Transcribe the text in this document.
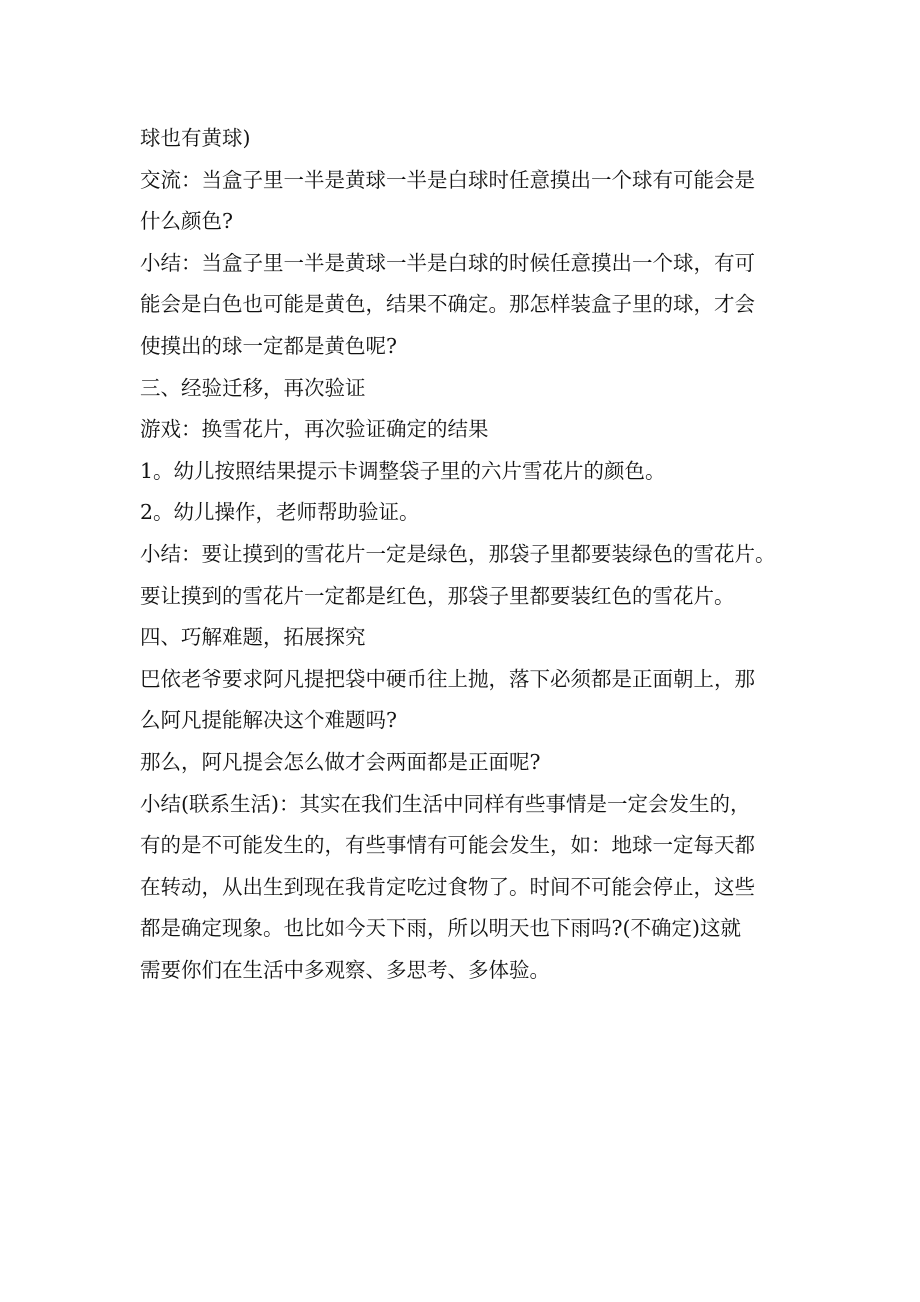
球也有黄球)
交流：当盒子里一半是黄球一半是白球时任意摸出一个球有可能会是
什么颜色?
小结：当盒子里一半是黄球一半是白球的时候任意摸出一个球，有可
能会是白色也可能是黄色，结果不确定。那怎样装盒子里的球，才会
使摸出的球一定都是黄色呢?
三、经验迁移，再次验证
游戏：换雪花片，再次验证确定的结果
1。幼儿按照结果提示卡调整袋子里的六片雪花片的颜色。
2。幼儿操作，老师帮助验证。
小结：要让摸到的雪花片一定是绿色，那袋子里都要装绿色的雪花片。
要让摸到的雪花片一定都是红色，那袋子里都要装红色的雪花片。
四、巧解难题，拓展探究
巴依老爷要求阿凡提把袋中硬币往上抛，落下必须都是正面朝上，那
么阿凡提能解决这个难题吗?
那么，阿凡提会怎么做才会两面都是正面呢?
小结(联系生活)：其实在我们生活中同样有些事情是一定会发生的，
有的是不可能发生的，有些事情有可能会发生，如：地球一定每天都
在转动，从出生到现在我肯定吃过食物了。时间不可能会停止，这些
都是确定现象。也比如今天下雨，所以明天也下雨吗?(不确定)这就
需要你们在生活中多观察、多思考、多体验。
